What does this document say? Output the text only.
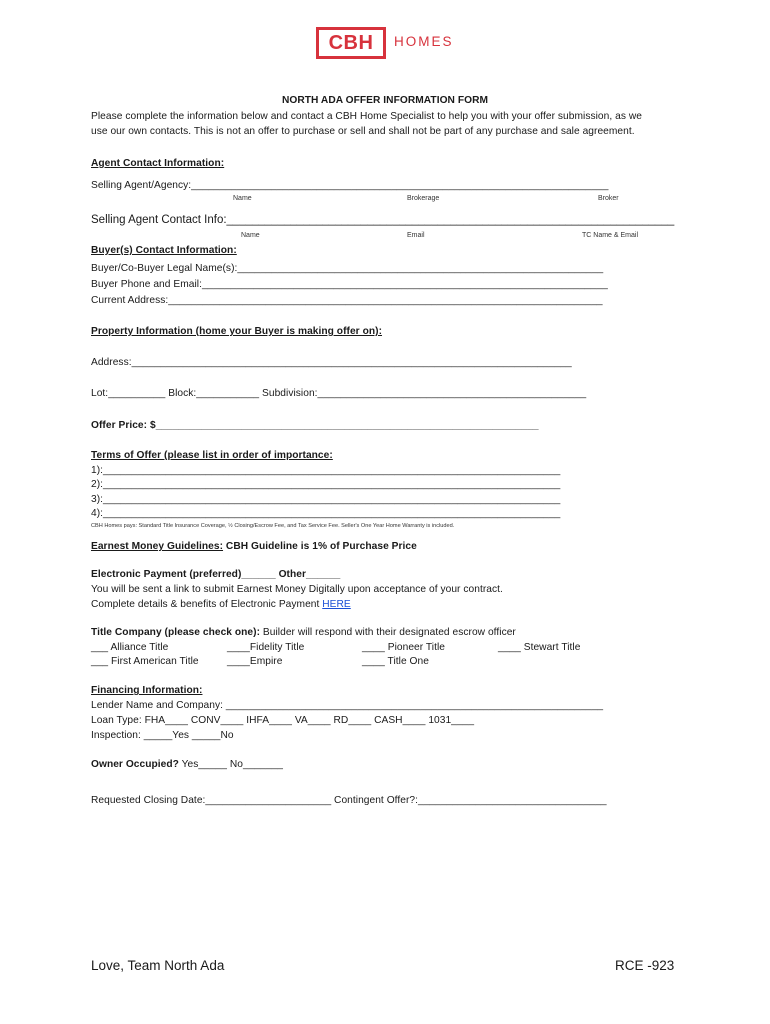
CBH HOMES
NORTH ADA OFFER INFORMATION FORM
Please complete the information below and contact a CBH Home Specialist to help you with your offer submission, as we
use our own contacts. This is not an offer to purchase or sell and shall not be part of any purchase and sale agreement.
Agent Contact Information:
Selling Agent/Agency:_________________________________________________________________________
Name	Brokerage	Broker
Selling Agent Contact Info:______________________________________________________________________
Name	Email	TC Name & Email
Buyer(s) Contact Information:
Buyer/Co-Buyer Legal Name(s):________________________________________________________________
Buyer Phone and Email:_______________________________________________________________________
Current Address:____________________________________________________________________________
Property Information (home your Buyer is making offer on):
Address:_____________________________________________________________________________
Lot:__________ Block:___________ Subdivision:_______________________________________________
Offer Price: $___________________________________________________________________
Terms of Offer (please list in order of importance:
1):________________________________________________________________________________
2):________________________________________________________________________________
3):________________________________________________________________________________
4):________________________________________________________________________________
CBH Homes pays: Standard Title Insurance Coverage, ½ Closing/Escrow Fee, and Tax Service Fee. Seller's One Year Home Warranty is included.
Earnest Money Guidelines: CBH Guideline is 1% of Purchase Price
Electronic Payment (preferred)______ Other______
You will be sent a link to submit Earnest Money Digitally upon acceptance of your contract.
Complete details & benefits of Electronic Payment HERE
Title Company (please check one): Builder will respond with their designated escrow officer
___ Alliance Title	____Fidelity Title	____ Pioneer Title	____ Stewart Title
___ First American Title	____Empire	____ Title One
Financing Information:
Lender Name and Company: __________________________________________________________________
Loan Type: FHA____ CONV____ IHFA____ VA____ RD____ CASH____ 1031____
Inspection: _____Yes _____No
Owner Occupied? Yes_____ No_______
Requested Closing Date:______________________ Contingent Offer?:_________________________________
Love, Team North Ada	RCE -923
